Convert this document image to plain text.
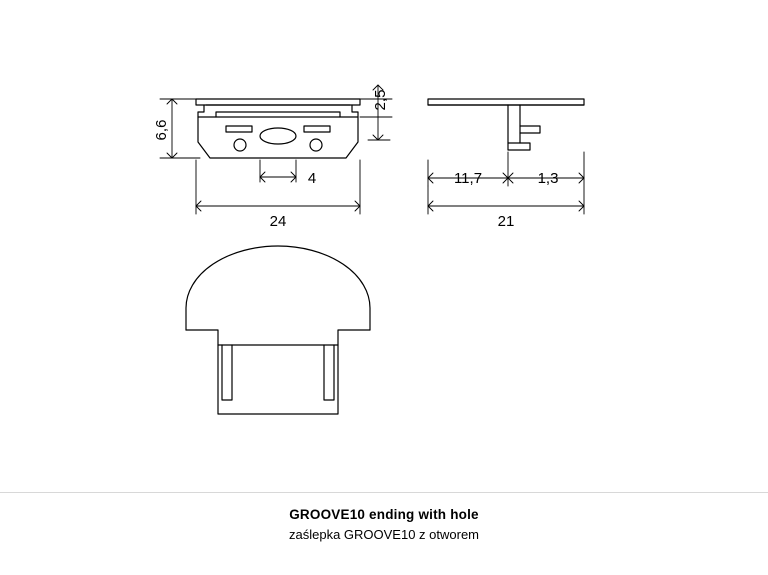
6,6
2,5
4
24
11,7	1,3
21
GROOVE10 ending with hole
zaślepka GROOVE10 z otworem
